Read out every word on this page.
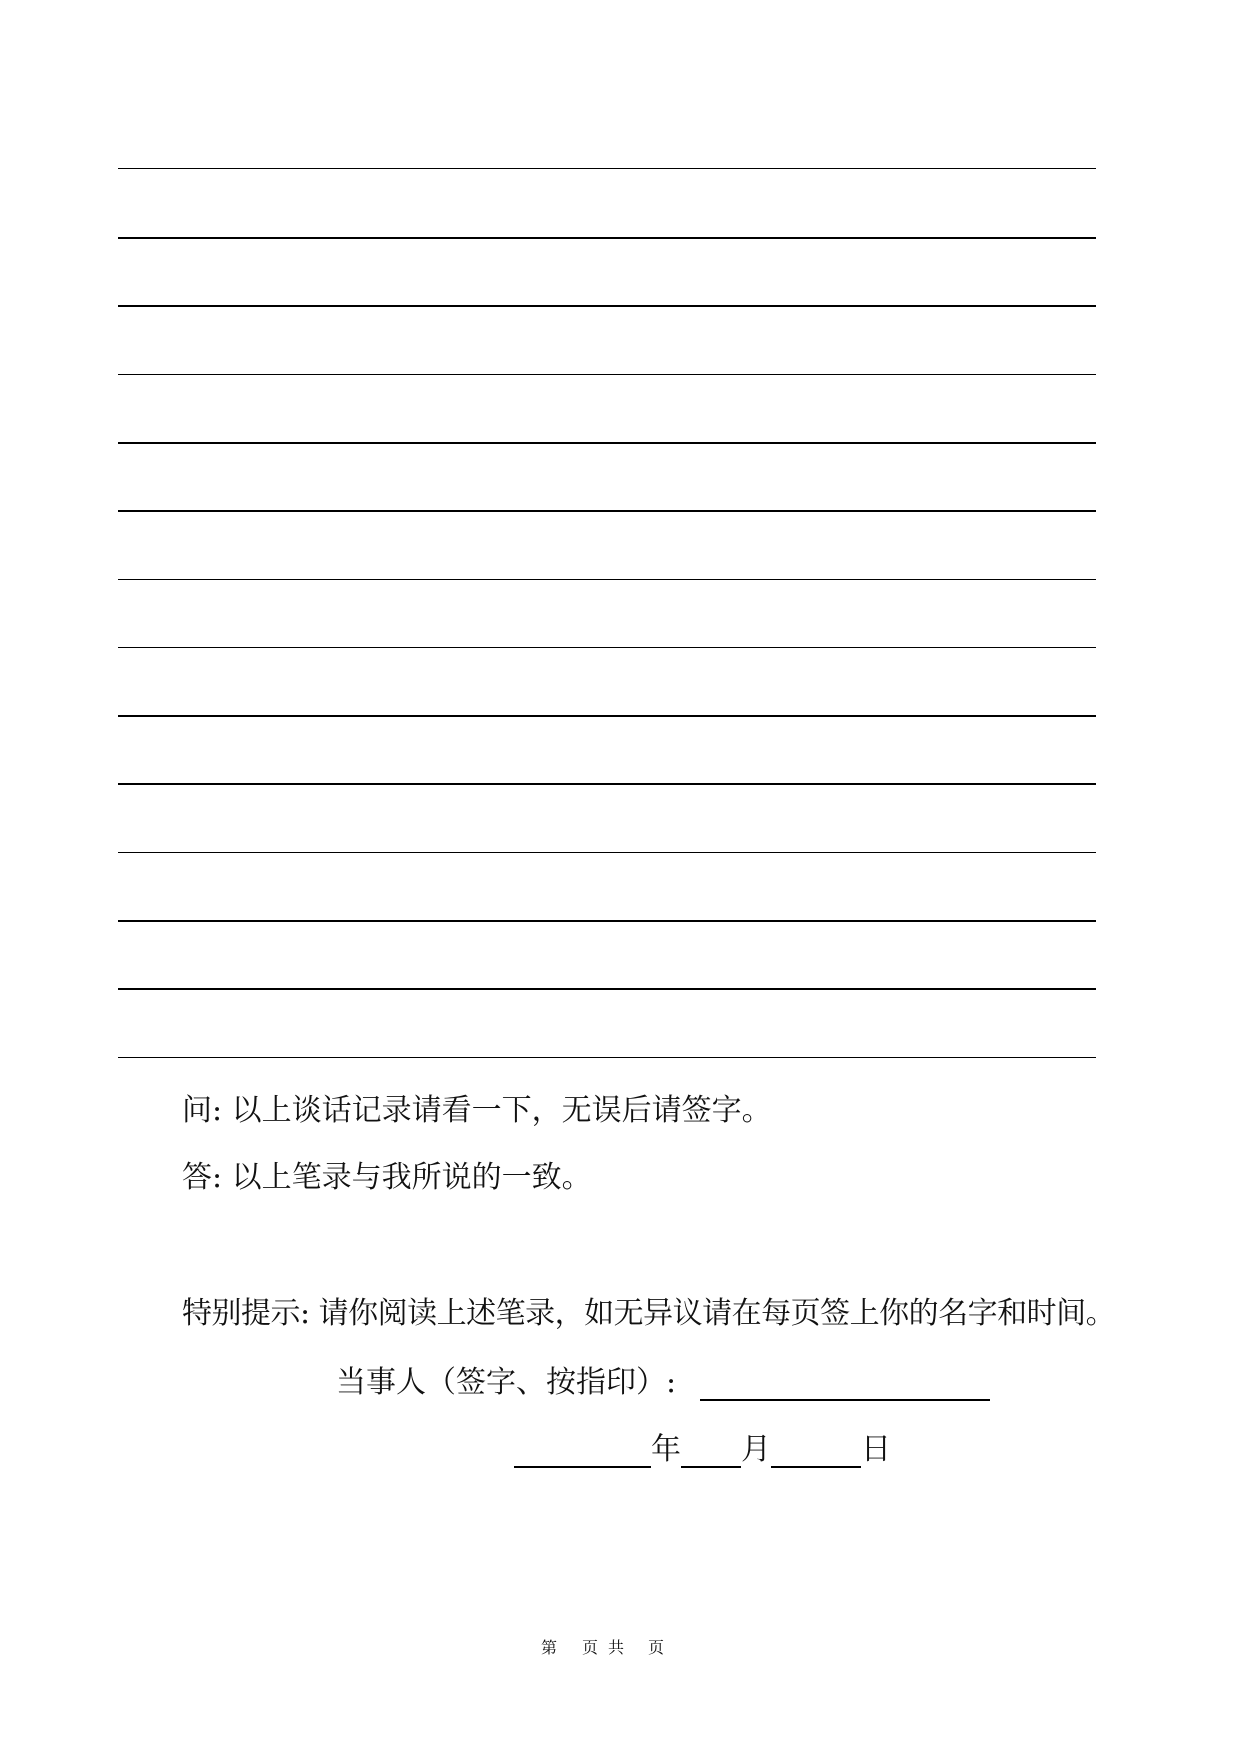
问: 以上谈话记录请看一下，无误后请签字。
答: 以上笔录与我所说的一致。
特别提示: 请你阅读上述笔录，如无异议请在每页签上你的名字和时间。
当事人（签字、按指印）:
年 月	日
第 页 共 页
